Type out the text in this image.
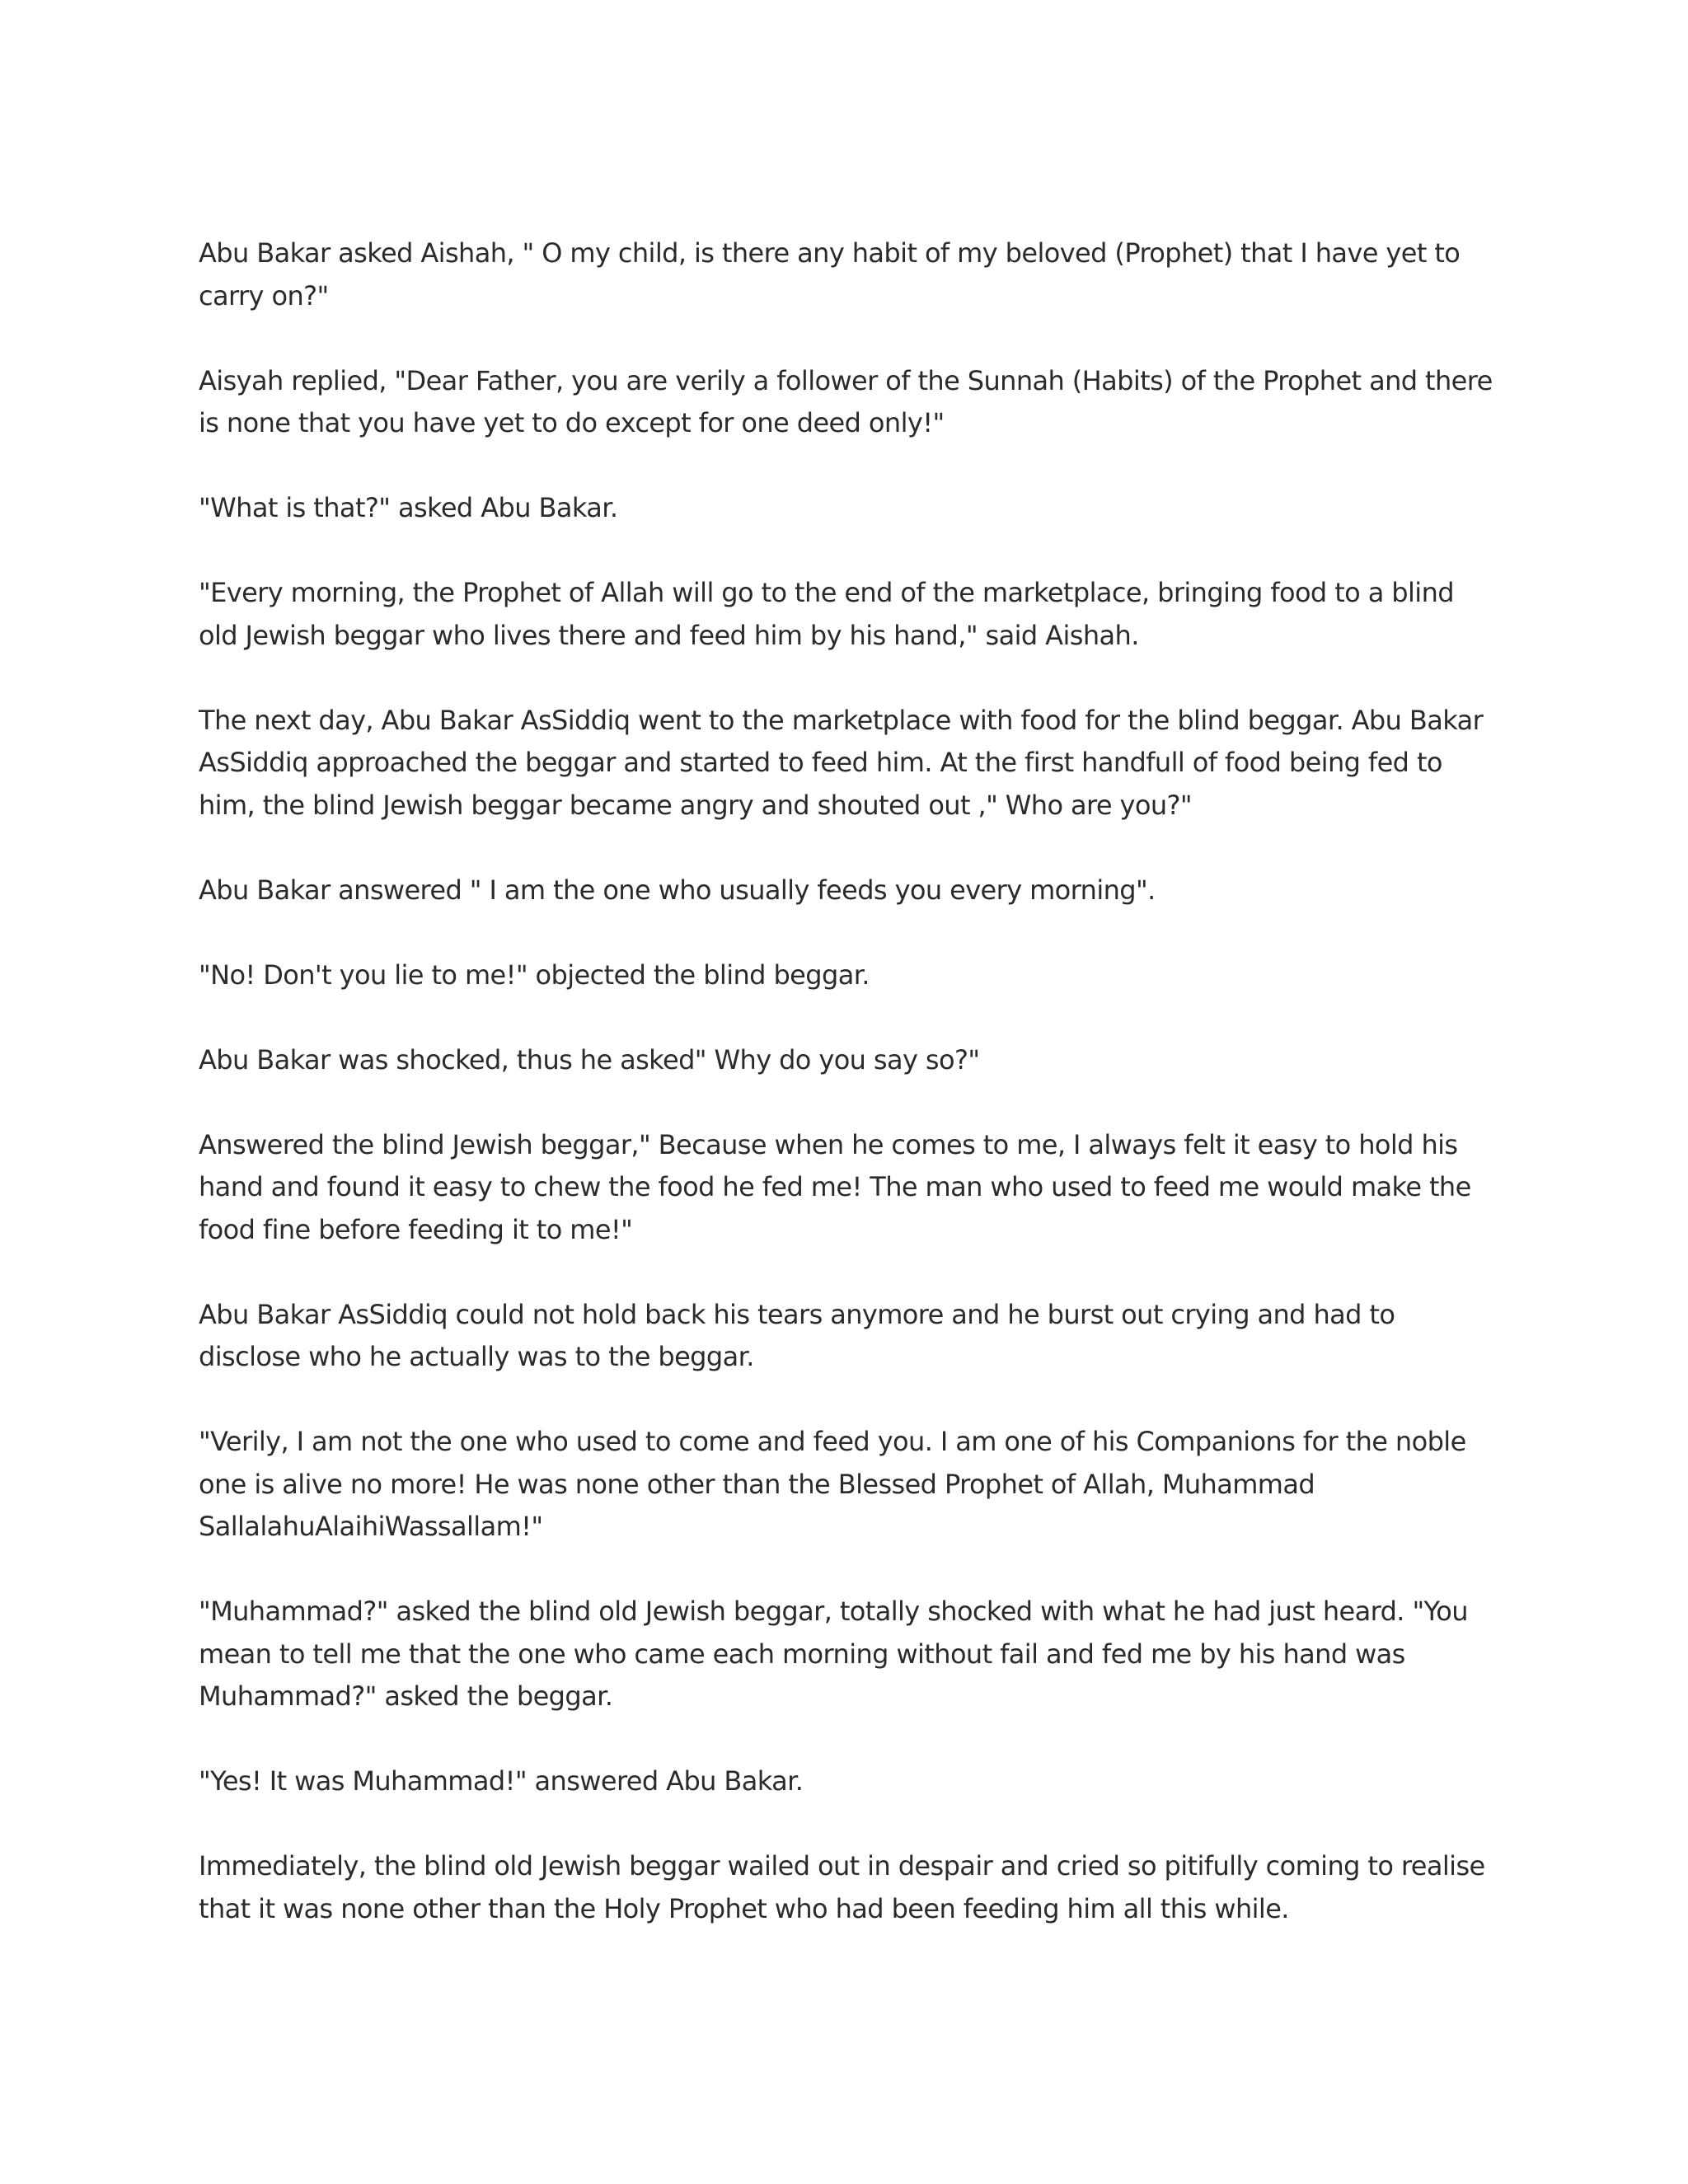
Abu Bakar asked Aishah, " O my child, is there any habit of my beloved (Prophet) that I have yet to carry on?"

Aisyah replied, "Dear Father, you are verily a follower of the Sunnah (Habits) of the Prophet and there is none that you have yet to do except for one deed only!"

"What is that?" asked Abu Bakar.

"Every morning, the Prophet of Allah will go to the end of the marketplace, bringing food to a blind old Jewish beggar who lives there and feed him by his hand," said Aishah.

The next day, Abu Bakar AsSiddiq went to the marketplace with food for the blind beggar. Abu Bakar AsSiddiq approached the beggar and started to feed him. At the first handfull of food being fed to him, the blind Jewish beggar became angry and shouted out ," Who are you?"

Abu Bakar answered " I am the one who usually feeds you every morning".

"No! Don't you lie to me!" objected the blind beggar.

Abu Bakar was shocked, thus he asked" Why do you say so?"

Answered the blind Jewish beggar," Because when he comes to me, I always felt it easy to hold his hand and found it easy to chew the food he fed me! The man who used to feed me would make the food fine before feeding it to me!"

Abu Bakar AsSiddiq could not hold back his tears anymore and he burst out crying and had to disclose who he actually was to the beggar.

"Verily, I am not the one who used to come and feed you. I am one of his Companions for the noble one is alive no more! He was none other than the Blessed Prophet of Allah, Muhammad SallalahuAlaihiWassallam!"

"Muhammad?" asked the blind old Jewish beggar, totally shocked with what he had just heard. "You mean to tell me that the one who came each morning without fail and fed me by his hand was Muhammad?" asked the beggar.

"Yes! It was Muhammad!" answered Abu Bakar.

Immediately, the blind old Jewish beggar wailed out in despair and cried so pitifully coming to realise that it was none other than the Holy Prophet who had been feeding him all this while.
